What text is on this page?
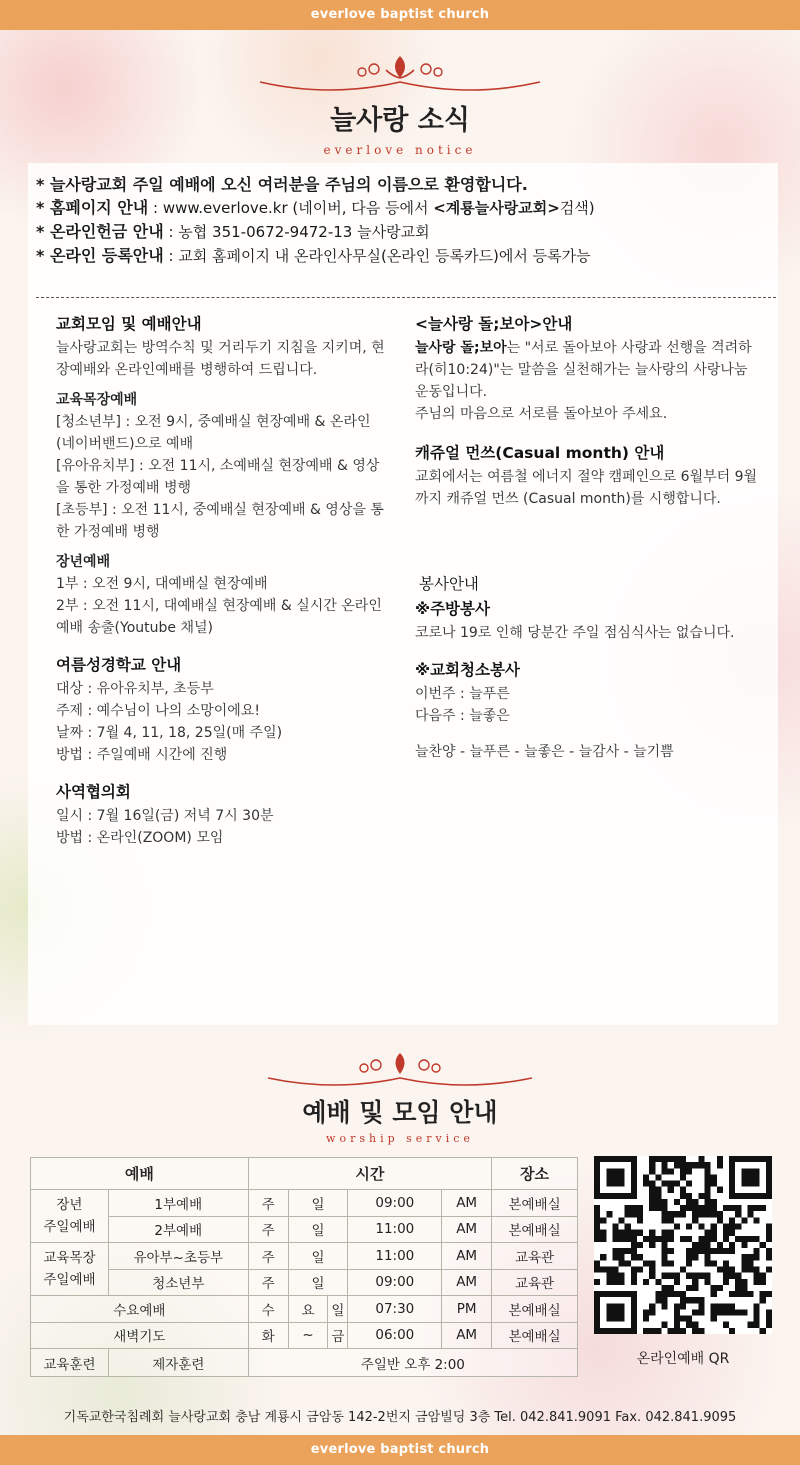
everlove baptist church
늘사랑 소식
everlove notice
* 늘사랑교회 주일 예배에 오신 여러분을 주님의 이름으로 환영합니다.
* 홈페이지 안내 : www.everlove.kr (네이버, 다음 등에서 <계룡늘사랑교회>검색)
* 온라인헌금 안내 : 농협 351-0672-9472-13 늘사랑교회
* 온라인 등록안내 : 교회 홈페이지 내 온라인사무실(온라인 등록카드)에서 등록가능
교회모임 및 예배안내
늘사랑교회는 방역수칙 및 거리두기 지침을 지키며, 현장예배와 온라인예배를 병행하여 드립니다.
교육목장예배
[청소년부] : 오전 9시, 중예배실 현장예배 & 온라인(네이버밴드)으로 예배
[유아유치부] : 오전 11시, 소예배실 현장예배 & 영상을 통한 가정예배 병행
[초등부] : 오전 11시, 중예배실 현장예배 & 영상을 통한 가정예배 병행
장년예배
1부 : 오전 9시, 대예배실 현장예배
2부 : 오전 11시, 대예배실 현장예배 & 실시간 온라인예배 송출(Youtube 채널)
여름성경학교 안내
대상 : 유아유치부, 초등부
주제 : 예수님이 나의 소망이에요!
날짜 : 7월 4, 11, 18, 25일(매 주일)
방법 : 주일예배 시간에 진행
사역협의회
일시 : 7월 16일(금) 저녁 7시 30분
방법 : 온라인(ZOOM) 모임
<늘사랑 돌;보아>안내
늘사랑 돌;보아는 "서로 돌아보아 사랑과 선행을 격려하라(히10:24)"는 말씀을 실천해가는 늘사랑의 사랑나눔운동입니다.
주님의 마음으로 서로를 돌아보아 주세요.
캐쥬얼 먼쓰(Casual month) 안내
교회에서는 여름철 에너지 절약 캠페인으로 6월부터 9월까지 캐쥬얼 먼쓰 (Casual month)를 시행합니다.
봉사안내
※주방봉사
코로나 19로 인해 당분간 주일 점심식사는 없습니다.
※교회청소봉사
이번주 : 늘푸른
다음주 : 늘좋은
늘찬양 - 늘푸른 - 늘좋은 - 늘감사 - 늘기쁨
예배 및 모임 안내
worship service
예배		시간					장소
장년
주일예배	1부예배	주	일		09:00	AM	본예배실
	2부예배	주	일		11:00	AM	본예배실
교육목장
주일예배	유아부~초등부	주	일		11:00	AM	교육관
	청소년부	주	일		09:00	AM	교육관
수요예배		수	요	일	07:30	PM	본예배실
새벽기도		화	~	금	06:00	AM	본예배실
교육훈련	제자훈련	주일반 오후 2:00						온라인예배 QR
기독교한국침례회 늘사랑교회 충남 계룡시 금암동 142-2번지 금암빌딩 3층 Tel. 042.841.9091 Fax. 042.841.9095
everlove baptist church
